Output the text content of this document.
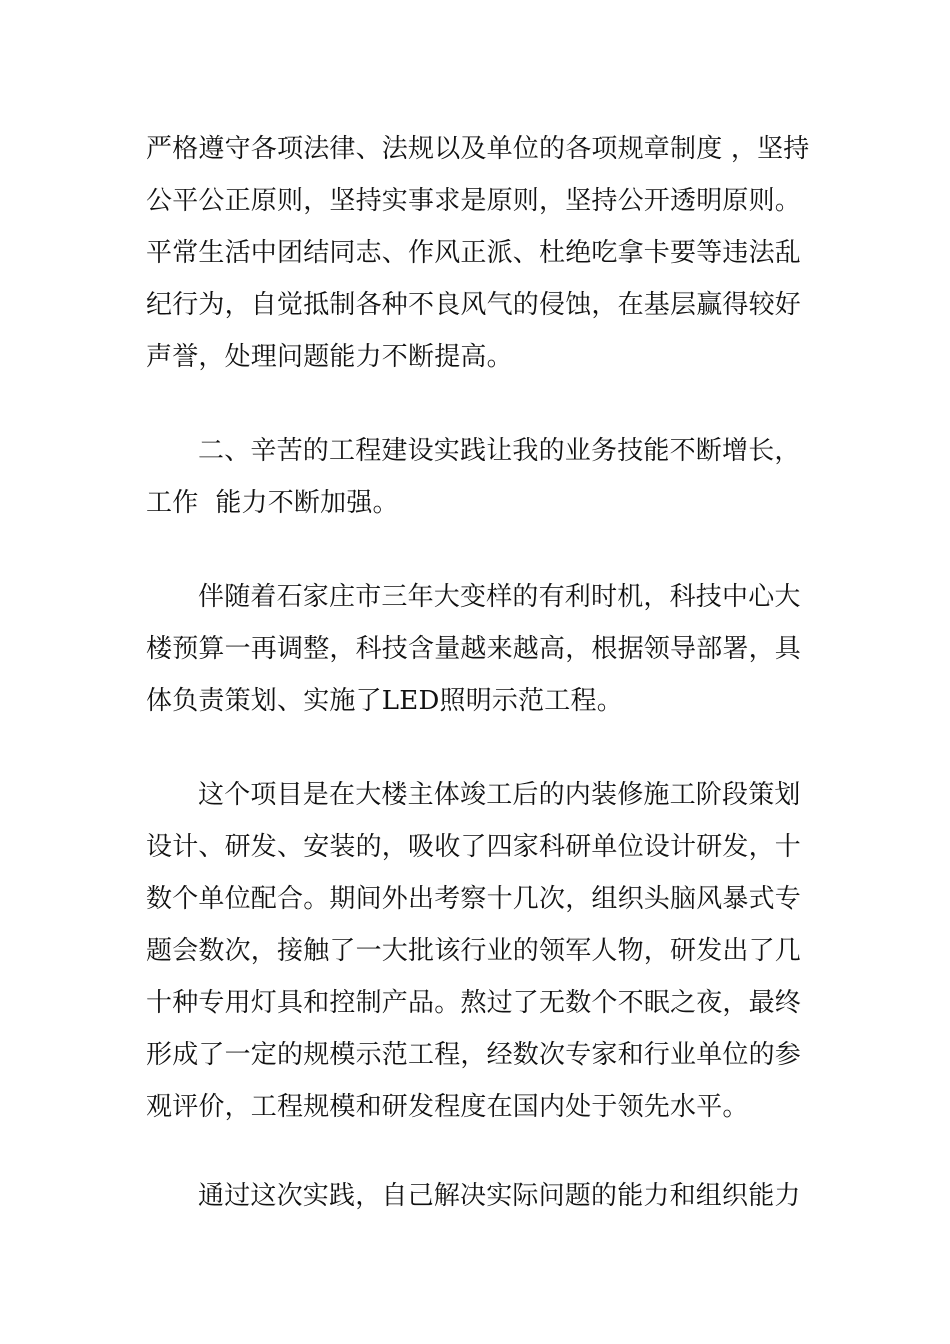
严格遵守各项法律、法规以及单位的各项规章制度 ，坚持
公平公正原则，坚持实事求是原则，坚持公开透明原则。
平常生活中团结同志、作风正派、杜绝吃拿卡要等违法乱
纪行为，自觉抵制各种不良风气的侵蚀，在基层赢得较好
声誉，处理问题能力不断提高。
二、辛苦的工程建设实践让我的业务技能不断增长，
工作  能力不断加强。
伴随着石家庄市三年大变样的有利时机，科技中心大
楼预算一再调整，科技含量越来越高，根据领导部署，具
体负责策划、实施了LED照明示范工程。
这个项目是在大楼主体竣工后的内装修施工阶段策划
设计、研发、安装的，吸收了四家科研单位设计研发，十
数个单位配合。期间外出考察十几次，组织头脑风暴式专
题会数次，接触了一大批该行业的领军人物，研发出了几
十种专用灯具和控制产品。熬过了无数个不眠之夜，最终
形成了一定的规模示范工程，经数次专家和行业单位的参
观评价，工程规模和研发程度在国内处于领先水平。
通过这次实践，自己解决实际问题的能力和组织能力
